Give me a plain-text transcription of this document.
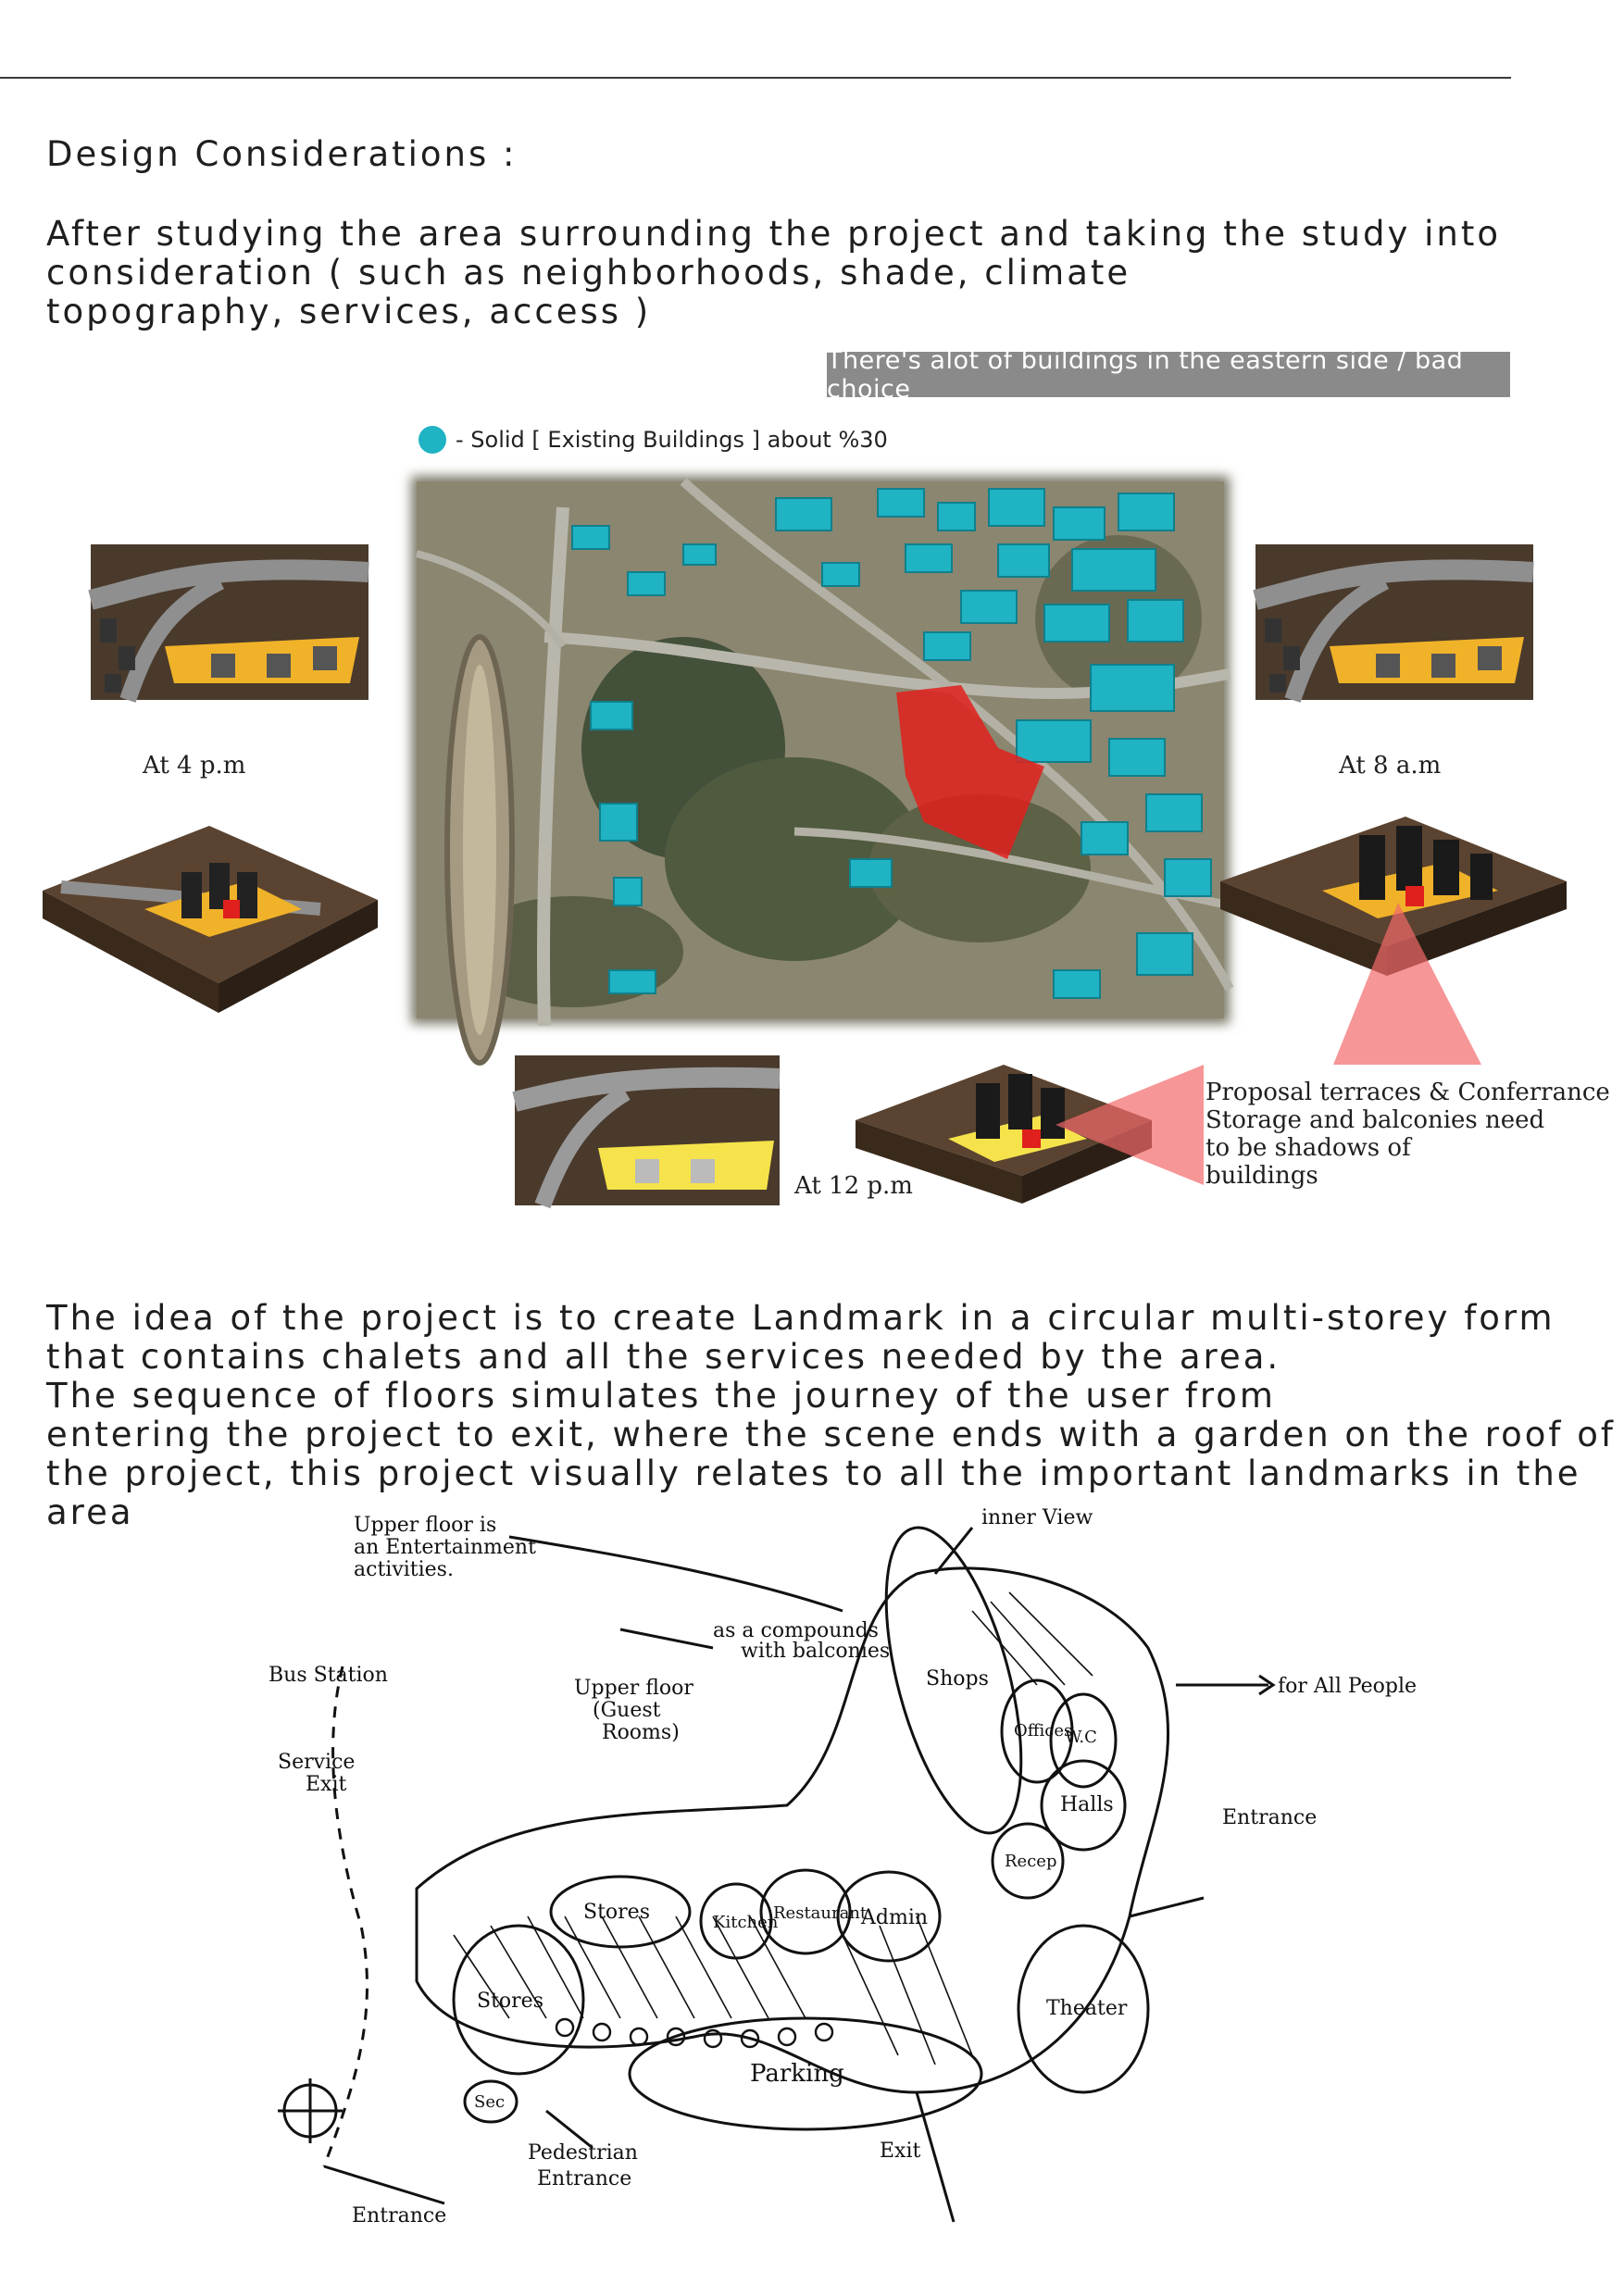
Design Considerations :

After studying the area surrounding the project and taking the study into
consideration ( such as neighborhoods, shade, climate
topography, services, access )

There's alot of buildings in the eastern side / bad choice
- Solid [ Existing Buildings ] about %30
At 4 p.m	At 8 a.m
At 12 p.m
Proposal terraces & Conferrance
Storage and balconies need
to be shadows of
buildings

The idea of the project is to create Landmark in a circular multi-storey form
that contains chalets and all the services needed by the area.
The sequence of floors simulates the journey of the user from
entering the project to exit, where the scene ends with a garden on the roof of
the project, this project visually relates to all the important landmarks in the
area	Upper floor is
an Entertainment
activities.
inner View
as a compounds
with balconies
Bus Station
Upper floor
(Guest
Rooms)
Service
Exit
for All People
Entrance
Stores
Stores
Kitchen
Restaurant
Admin
Shops
Offices
W.C
Halls
Recep
Theater
Sec
Parking
Pedestrian
Entrance
Entrance
Exit
